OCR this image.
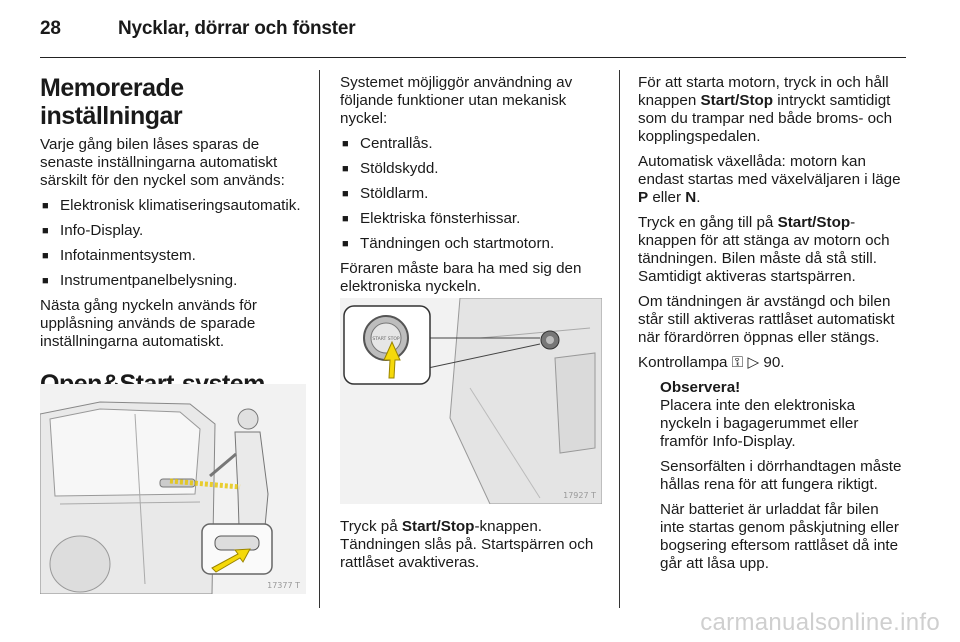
28	Nycklar, dörrar och fönster
Memorerade inställningar

Varje gång bilen låses sparas de senaste inställningarna automatiskt särskilt för den nyckel som används:

■ Elektronisk klimatiseringsautomatik.
■ Info-Display.
■ Infotainmentsystem.
■ Instrumentpanelbelysning.

Nästa gång nyckeln används för upplåsning används de sparade inställningarna automatiskt.

17377 T

Systemet möjliggör användning av följande funktioner utan mekanisk nyckel:

■ Centrallås.
■ Stöldskydd.
■ Stöldlarm.
■ Elektriska fönsterhissar.
■ Tändningen och startmotorn.

Föraren måste bara ha med sig den elektroniska nyckeln.

START STOP
17927 T

Tryck på Start/Stop-knappen. Tändningen slås på. Startspärren och rattlåset avaktiveras.

För att starta motorn, tryck in och håll knappen Start/Stop intryckt samtidigt som du trampar ned både broms- och kopplingspedalen.

Automatisk växellåda: motorn kan endast startas med växelväljaren i läge P eller N.

Tryck en gång till på Start/Stop-knappen för att stänga av motorn och tändningen. Bilen måste då stå still. Samtidigt aktiveras startspärren.

Om tändningen är avstängd och bilen står still aktiveras rattlåset automatiskt när förardörren öppnas eller stängs.

Kontrollampa ⚿ ▷ 90.

Observera!

Placera inte den elektroniska nyckeln i bagagerummet eller framför Info-Display.

Sensorfälten i dörrhandtagen måste hållas rena för att fungera riktigt.

När batteriet är urladdat får bilen inte startas genom påskjutning eller bogsering eftersom rattlåset då inte går att låsa upp.

carmanualsonline.info
